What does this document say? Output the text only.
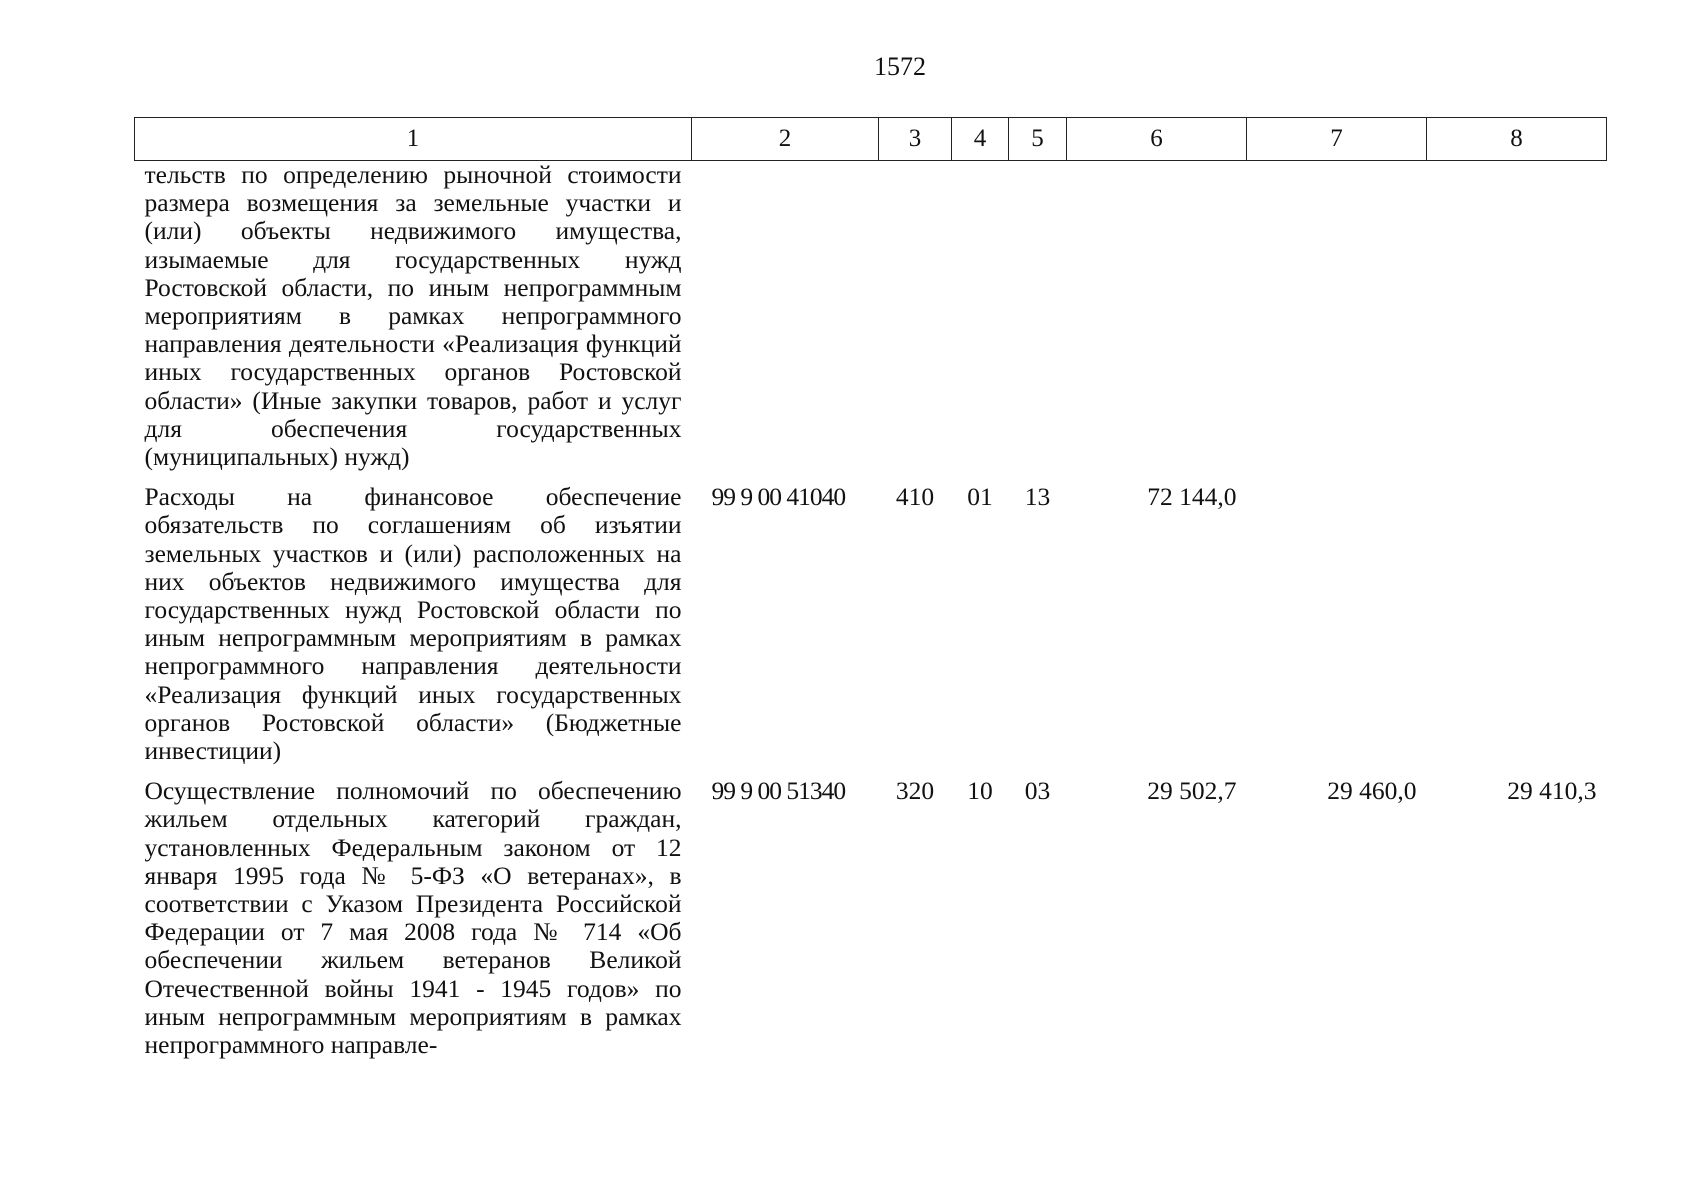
1572
1	2	3	4	5	6	7	8
тельств по определению рыночной стоимости размера возмещения за земельные участки и (или) объекты недвижимого имущества, изымаемые для государственных нужд Ростовской области, по иным непрограммным мероприятиям в рамках непрограммного направления деятельности «Реализация функций иных государственных органов Ростовской области» (Иные закупки товаров, работ и услуг для обеспечения государственных (муниципальных) нужд)							

Расходы на финансовое обеспечение обязательств по соглашениям об изъятии земельных участков и (или) расположенных на них объектов недвижимого имущества для государственных нужд Ростовской области по иным непрограммным мероприятиям в рамках непрограммного направления деятельности «Реализация функций иных государственных органов Ростовской области» (Бюджетные инвестиции)	99 9 00 41040	410	01	13	72 144,0		

Осуществление полномочий по обеспечению жильем отдельных категорий граждан, установленных Федеральным законом от 12 января 1995 года № 5-ФЗ «О ветеранах», в соответствии с Указом Президента Российской Федерации от 7 мая 2008 года № 714 «Об обеспечении жильем ветеранов Великой Отечественной войны 1941 - 1945 годов» по иным непрограммным мероприятиям в рамках непрограммного направле-	99 9 00 51340	320	10	03	29 502,7	29 460,0	29 410,3
